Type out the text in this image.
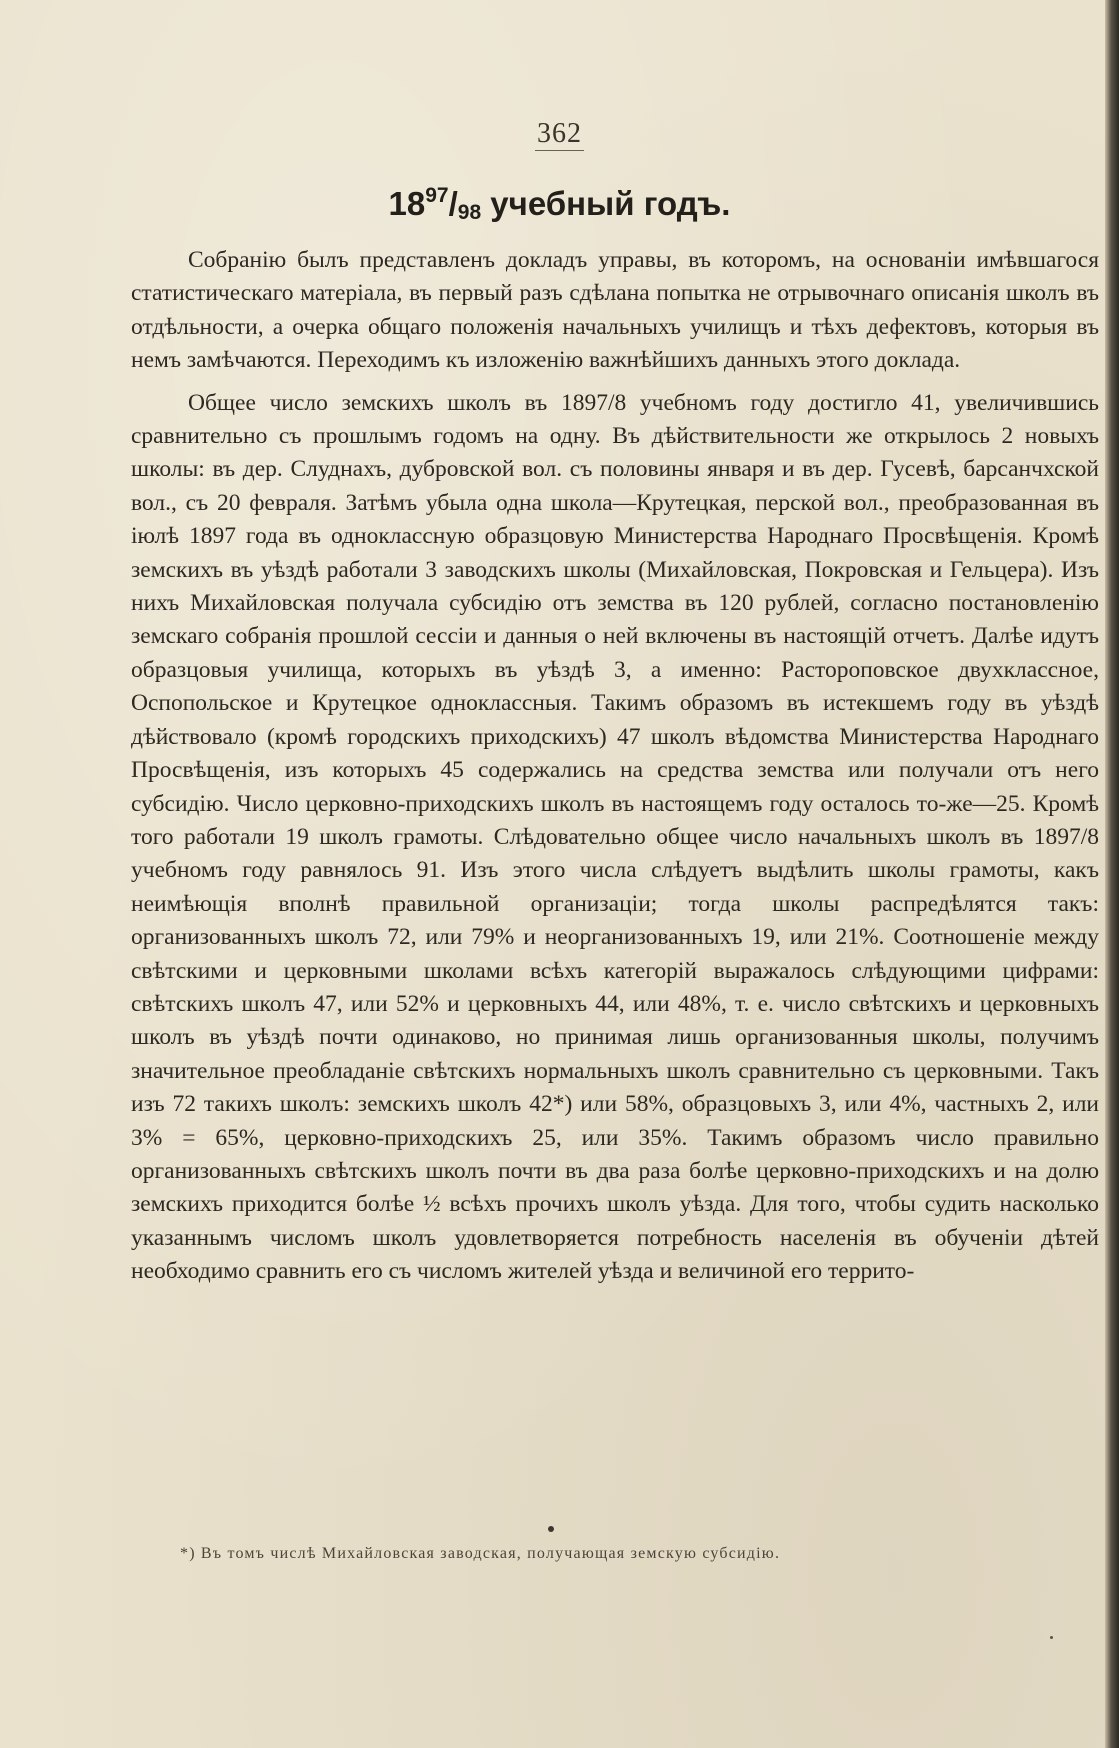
362
$18^{97}/98$ учебный годъ.

Собранію былъ представленъ докладъ управы, въ которомъ, на основаніи имѣвшагося статистическаго матеріала, въ первый разъ сдѣлана попытка не отрывочнаго описанія школъ въ отдѣльности, а очерка общаго положенія начальныхъ училищъ и тѣхъ дефектовъ, которыя въ немъ замѣчаются. Переходимъ къ изложенію важнѣйшихъ данныхъ этого доклада.

Общее число земскихъ школъ въ 1897/8 учебномъ году достигло 41, увеличившись сравнительно съ прошлымъ годомъ на одну. Въ дѣйствительности же открылось 2 новыхъ школы: въ дер. Слуднахъ, дубровской вол. съ половины января и въ дер. Гусевѣ, барсанчхской вол., съ 20 февраля. Затѣмъ убыла одна школа—Крутецкая, перской вол., преобразованная въ іюлѣ 1897 года въ одноклассную образцовую Министерства Народнаго Просвѣщенія. Кромѣ земскихъ въ уѣздѣ работали 3 заводскихъ школы (Михайловская, Покровская и Гельцера). Изъ нихъ Михайловская получала субсидію отъ земства въ 120 рублей, согласно постановленію земскаго собранія прошлой сессіи и данныя о ней включены въ настоящій отчетъ. Далѣе идутъ образцовыя училища, которыхъ въ уѣздѣ 3, а именно: Растороповское двухклассное, Оспопольское и Крутецкое одноклассныя. Такимъ образомъ въ истекшемъ году въ уѣздѣ дѣйствовало (кромѣ городскихъ приходскихъ) 47 школъ вѣдомства Министерства Народнаго Просвѣщенія, изъ которыхъ 45 содержались на средства земства или получали отъ него субсидію. Число церковно-приходскихъ школъ въ настоящемъ году осталось то-же—25. Кромѣ того работали 19 школъ грамоты. Слѣдовательно общее число начальныхъ школъ въ 1897/8 учебномъ году равнялось 91. Изъ этого числа слѣдуетъ выдѣлить школы грамоты, какъ неимѣющія вполнѣ правильной организаціи; тогда школы распредѣлятся такъ: организованныхъ школъ 72, или 79% и неорганизованныхъ 19, или 21%. Соотношеніе между свѣтскими и церковными школами всѣхъ категорій выражалось слѣдующими цифрами: свѣтскихъ школъ 47, или 52% и церковныхъ 44, или 48%, т. е. число свѣтскихъ и церковныхъ школъ въ уѣздѣ почти одинаково, но принимая лишь организованныя школы, получимъ значительное преобладаніе свѣтскихъ нормальныхъ школъ сравнительно съ церковными. Такъ изъ 72 такихъ школъ: земскихъ школъ 42*) или 58%, образцовыхъ 3, или 4%, частныхъ 2, или 3% = 65%, церковно-приходскихъ 25, или 35%. Такимъ образомъ число правильно организованныхъ свѣтскихъ школъ почти въ два раза болѣе церковно-приходскихъ и на долю земскихъ приходится болѣе ½ всѣхъ прочихъ школъ уѣзда. Для того, чтобы судить насколько указаннымъ числомъ школъ удовлетворяется потребность населенія въ обученіи дѣтей необходимо сравнить его съ числомъ жителей уѣзда и величиной его террито-

*) Въ томъ числѣ Михайловская заводская, получающая земскую субсидію.
